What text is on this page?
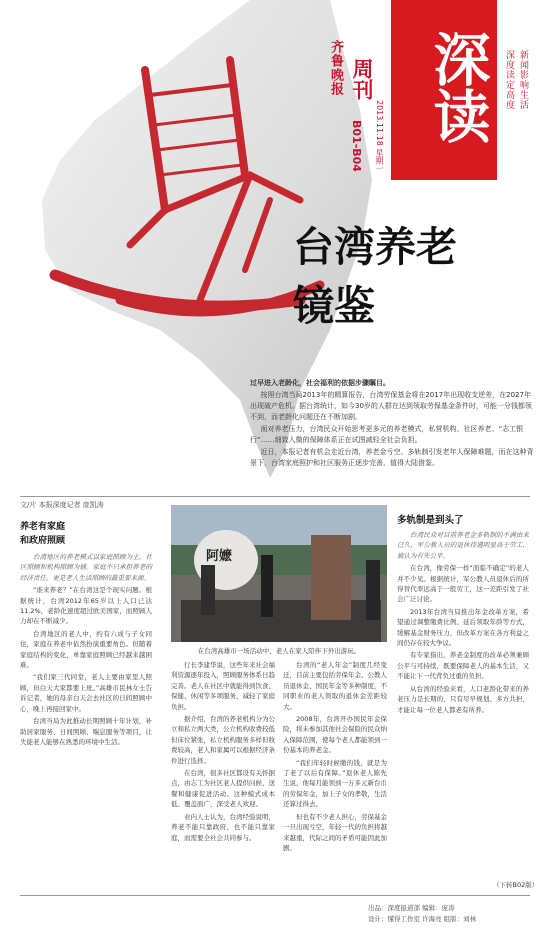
齐鲁晚报 周刊
B01-B04 2013.11.18 星期一 深读 深度读定高度 新闻影响生活
台湾养老
镜鉴

过早进入老龄化，社会福利的依据步骤瞩目。

按照台湾当局2013年的精算报告，台湾劳保基金将在2017年出现收支逆差，在2027年出现破产危机。据台湾统计，如今30岁的人群在达到领取劳保基金条件时，可能一分钱都领不到，而老龄化问题还在不断加剧。

面对养老压力，台湾民众开始思考更多元的养老模式，私营机构、社区养老、“志工银行”……细致入微的保障体系正在试图减轻全社会负担。

近日，本报记者有机会走近台湾，养老金亏空、多轨制引发老年人保障难题，而在这种背景下，台湾家庭照护和社区服务正逐步完善，值得大陆借鉴。

文/片 本报深度记者 庞凯涛
阿嬷
在台湾高雄市一场活动中，老人在家人陪伴下外出游玩。
养老有家庭
和政府照顾

台湾地区的养老模式以家庭照顾为主，社区照顾和机构照顾为辅。家庭不只承担养老的经济责任，更是老人生活照顾的最重要来源。

“谁来养老？”在台湾这是个现实问题。根据统计，台湾2012年65岁以上人口已达11.2%，老龄化速度超过欧美国家，而照顾人力却在不断减少。

台湾地区的老人中，约有六成与子女同住，家庭在养老中依然扮演重要角色。但随着家庭结构的变化，单靠家庭照顾已经越来越困难。

“我们家三代同堂，老人主要由家里人照顾，但白天大家都要上班。”高雄市民林女士告诉记者，她的母亲白天会去社区的日间照顾中心，晚上再接回家中。

台湾当局为此推动长期照顾十年计划，补助居家服务、日间照顾、喘息服务等项目，让失能老人能够在熟悉的环境中生活。

行长李建华说，这些年来社会福利资源逐年投入，照顾服务体系日趋完善。老人在社区中就能得到饮食、保健、休闲等多项服务，减轻了家庭负担。

据介绍，台湾的养老机构分为公立和私立两大类，公立机构收费较低但床位紧张，私立机构服务多样但收费较高，老人和家属可以根据经济条件进行选择。

在台湾，很多社区都设有关怀据点，由志工为社区老人提供问候、送餐和健康促进活动。这种模式成本低、覆盖面广，深受老人欢迎。

业内人士认为，台湾经验说明，养老不能只靠政府，也不能只靠家庭，而需要全社会共同参与。

台湾的“老人年金”制度几经变迁，目前主要包括劳保年金、公教人员退休金、国民年金等多种制度，不同职业的老人领取的退休金差距较大。

2008年，台湾开办国民年金保险，将未参加其他社会保险的民众纳入保障范围，使每个老人都能领到一份基本的养老金。

“我们年轻时候缴的钱，就是为了老了以后有保障。”退休老人陈先生说，他每月能领到一万多元新台币的劳保年金，加上子女的孝敬，生活还算过得去。

但也有不少老人担心，劳保基金一旦出现亏空，年轻一代的负担将越来越重，代际之间的矛盾可能因此加剧。

多轨制是到头了

台湾民众对目前养老金多轨制的不满由来已久，军公教人员的退休待遇明显高于劳工，被认为有失公平。

在台湾，像劳保一样“面临不确定”的老人并不少见。根据统计，军公教人员退休后的所得替代率远高于一般劳工，这一差距引发了社会广泛讨论。

2013年台湾当局推出年金改革方案，希望通过调整缴费比例、延后领取年龄等方式，缓解基金财务压力，但改革方案在各方利益之间仍存在较大争议。

有专家指出，养老金制度的改革必须兼顾公平与可持续，既要保障老人的基本生活，又不能让下一代背负过重的负担。

从台湾的经验来看，人口老龄化带来的养老压力是长期的，只有尽早规划、多方共担，才能让每一位老人都老有所养。

（下转B02版）
出品：深度报道部 编辑：庞涛
设计：懂得工作室 许海亮 组版：刘林
